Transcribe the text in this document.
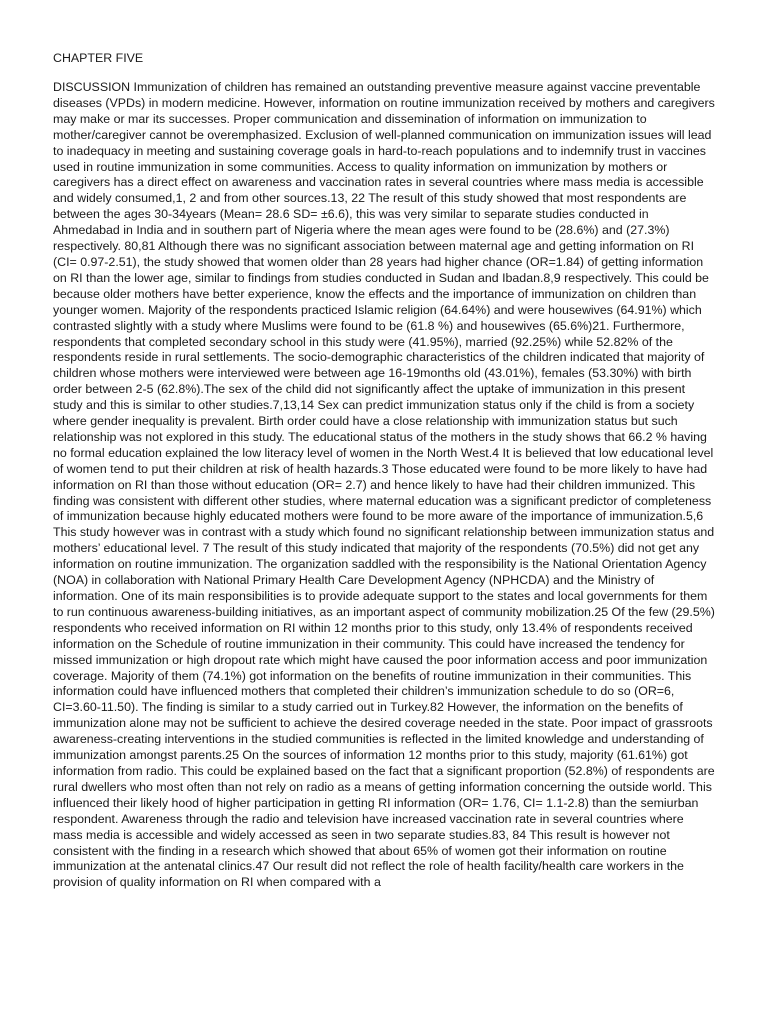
CHAPTER FIVE

DISCUSSION Immunization of children has remained an outstanding preventive measure against vaccine preventable diseases (VPDs) in modern medicine. However, information on routine immunization received by mothers and caregivers may make or mar its successes. Proper communication and dissemination of information on immunization to mother/caregiver cannot be overemphasized. Exclusion of well-planned communication on immunization issues will lead to inadequacy in meeting and sustaining coverage goals in hard-to-reach populations and to indemnify trust in vaccines used in routine immunization in some communities. Access to quality information on immunization by mothers or caregivers has a direct effect on awareness and vaccination rates in several countries where mass media is accessible and widely consumed,1, 2 and from other sources.13, 22 The result of this study showed that most respondents are between the ages 30-34years (Mean= 28.6 SD= ±6.6), this was very similar to separate studies conducted in Ahmedabad in India and in southern part of Nigeria where the mean ages were found to be (28.6%) and (27.3%) respectively. 80,81 Although there was no significant association between maternal age and getting information on RI (CI= 0.97-2.51), the study showed that women older than 28 years had higher chance (OR=1.84) of getting information on RI than the lower age, similar to findings from studies conducted in Sudan and Ibadan.8,9 respectively. This could be because older mothers have better experience, know the effects and the importance of immunization on children than younger women. Majority of the respondents practiced Islamic religion (64.64%) and were housewives (64.91%) which contrasted slightly with a study where Muslims were found to be (61.8 %) and housewives (65.6%)21. Furthermore, respondents that completed secondary school in this study were (41.95%), married (92.25%) while 52.82% of the respondents reside in rural settlements. The socio-demographic characteristics of the children indicated that majority of children whose mothers were interviewed were between age 16-19months old (43.01%), females (53.30%) with birth order between 2-5 (62.8%).The sex of the child did not significantly affect the uptake of immunization in this present study and this is similar to other studies.7,13,14 Sex can predict immunization status only if the child is from a society where gender inequality is prevalent. Birth order could have a close relationship with immunization status but such relationship was not explored in this study. The educational status of the mothers in the study shows that 66.2 % having no formal education explained the low literacy level of women in the North West.4 It is believed that low educational level of women tend to put their children at risk of health hazards.3 Those educated were found to be more likely to have had information on RI than those without education (OR= 2.7) and hence likely to have had their children immunized. This finding was consistent with different other studies, where maternal education was a significant predictor of completeness of immunization because highly educated mothers were found to be more aware of the importance of immunization.5,6 This study however was in contrast with a study which found no significant relationship between immunization status and mothers’ educational level. 7 The result of this study indicated that majority of the respondents (70.5%) did not get any information on routine immunization. The organization saddled with the responsibility is the National Orientation Agency (NOA) in collaboration with National Primary Health Care Development Agency (NPHCDA) and the Ministry of information. One of its main responsibilities is to provide adequate support to the states and local governments for them to run continuous awareness-building initiatives, as an important aspect of community mobilization.25 Of the few (29.5%) respondents who received information on RI within 12 months prior to this study, only 13.4% of respondents received information on the Schedule of routine immunization in their community. This could have increased the tendency for missed immunization or high dropout rate which might have caused the poor information access and poor immunization coverage. Majority of them (74.1%) got information on the benefits of routine immunization in their communities. This information could have influenced mothers that completed their children’s immunization schedule to do so (OR=6, CI=3.60-11.50). The finding is similar to a study carried out in Turkey.82 However, the information on the benefits of immunization alone may not be sufficient to achieve the desired coverage needed in the state. Poor impact of grassroots awareness-creating interventions in the studied communities is reflected in the limited knowledge and understanding of immunization amongst parents.25 On the sources of information 12 months prior to this study, majority (61.61%) got information from radio. This could be explained based on the fact that a significant proportion (52.8%) of respondents are rural dwellers who most often than not rely on radio as a means of getting information concerning the outside world. This influenced their likely hood of higher participation in getting RI information (OR= 1.76, CI= 1.1-2.8) than the semiurban respondent. Awareness through the radio and television have increased vaccination rate in several countries where mass media is accessible and widely accessed as seen in two separate studies.83, 84 This result is however not consistent with the finding in a research which showed that about 65% of women got their information on routine immunization at the antenatal clinics.47 Our result did not reflect the role of health facility/health care workers in the provision of quality information on RI when compared with a
